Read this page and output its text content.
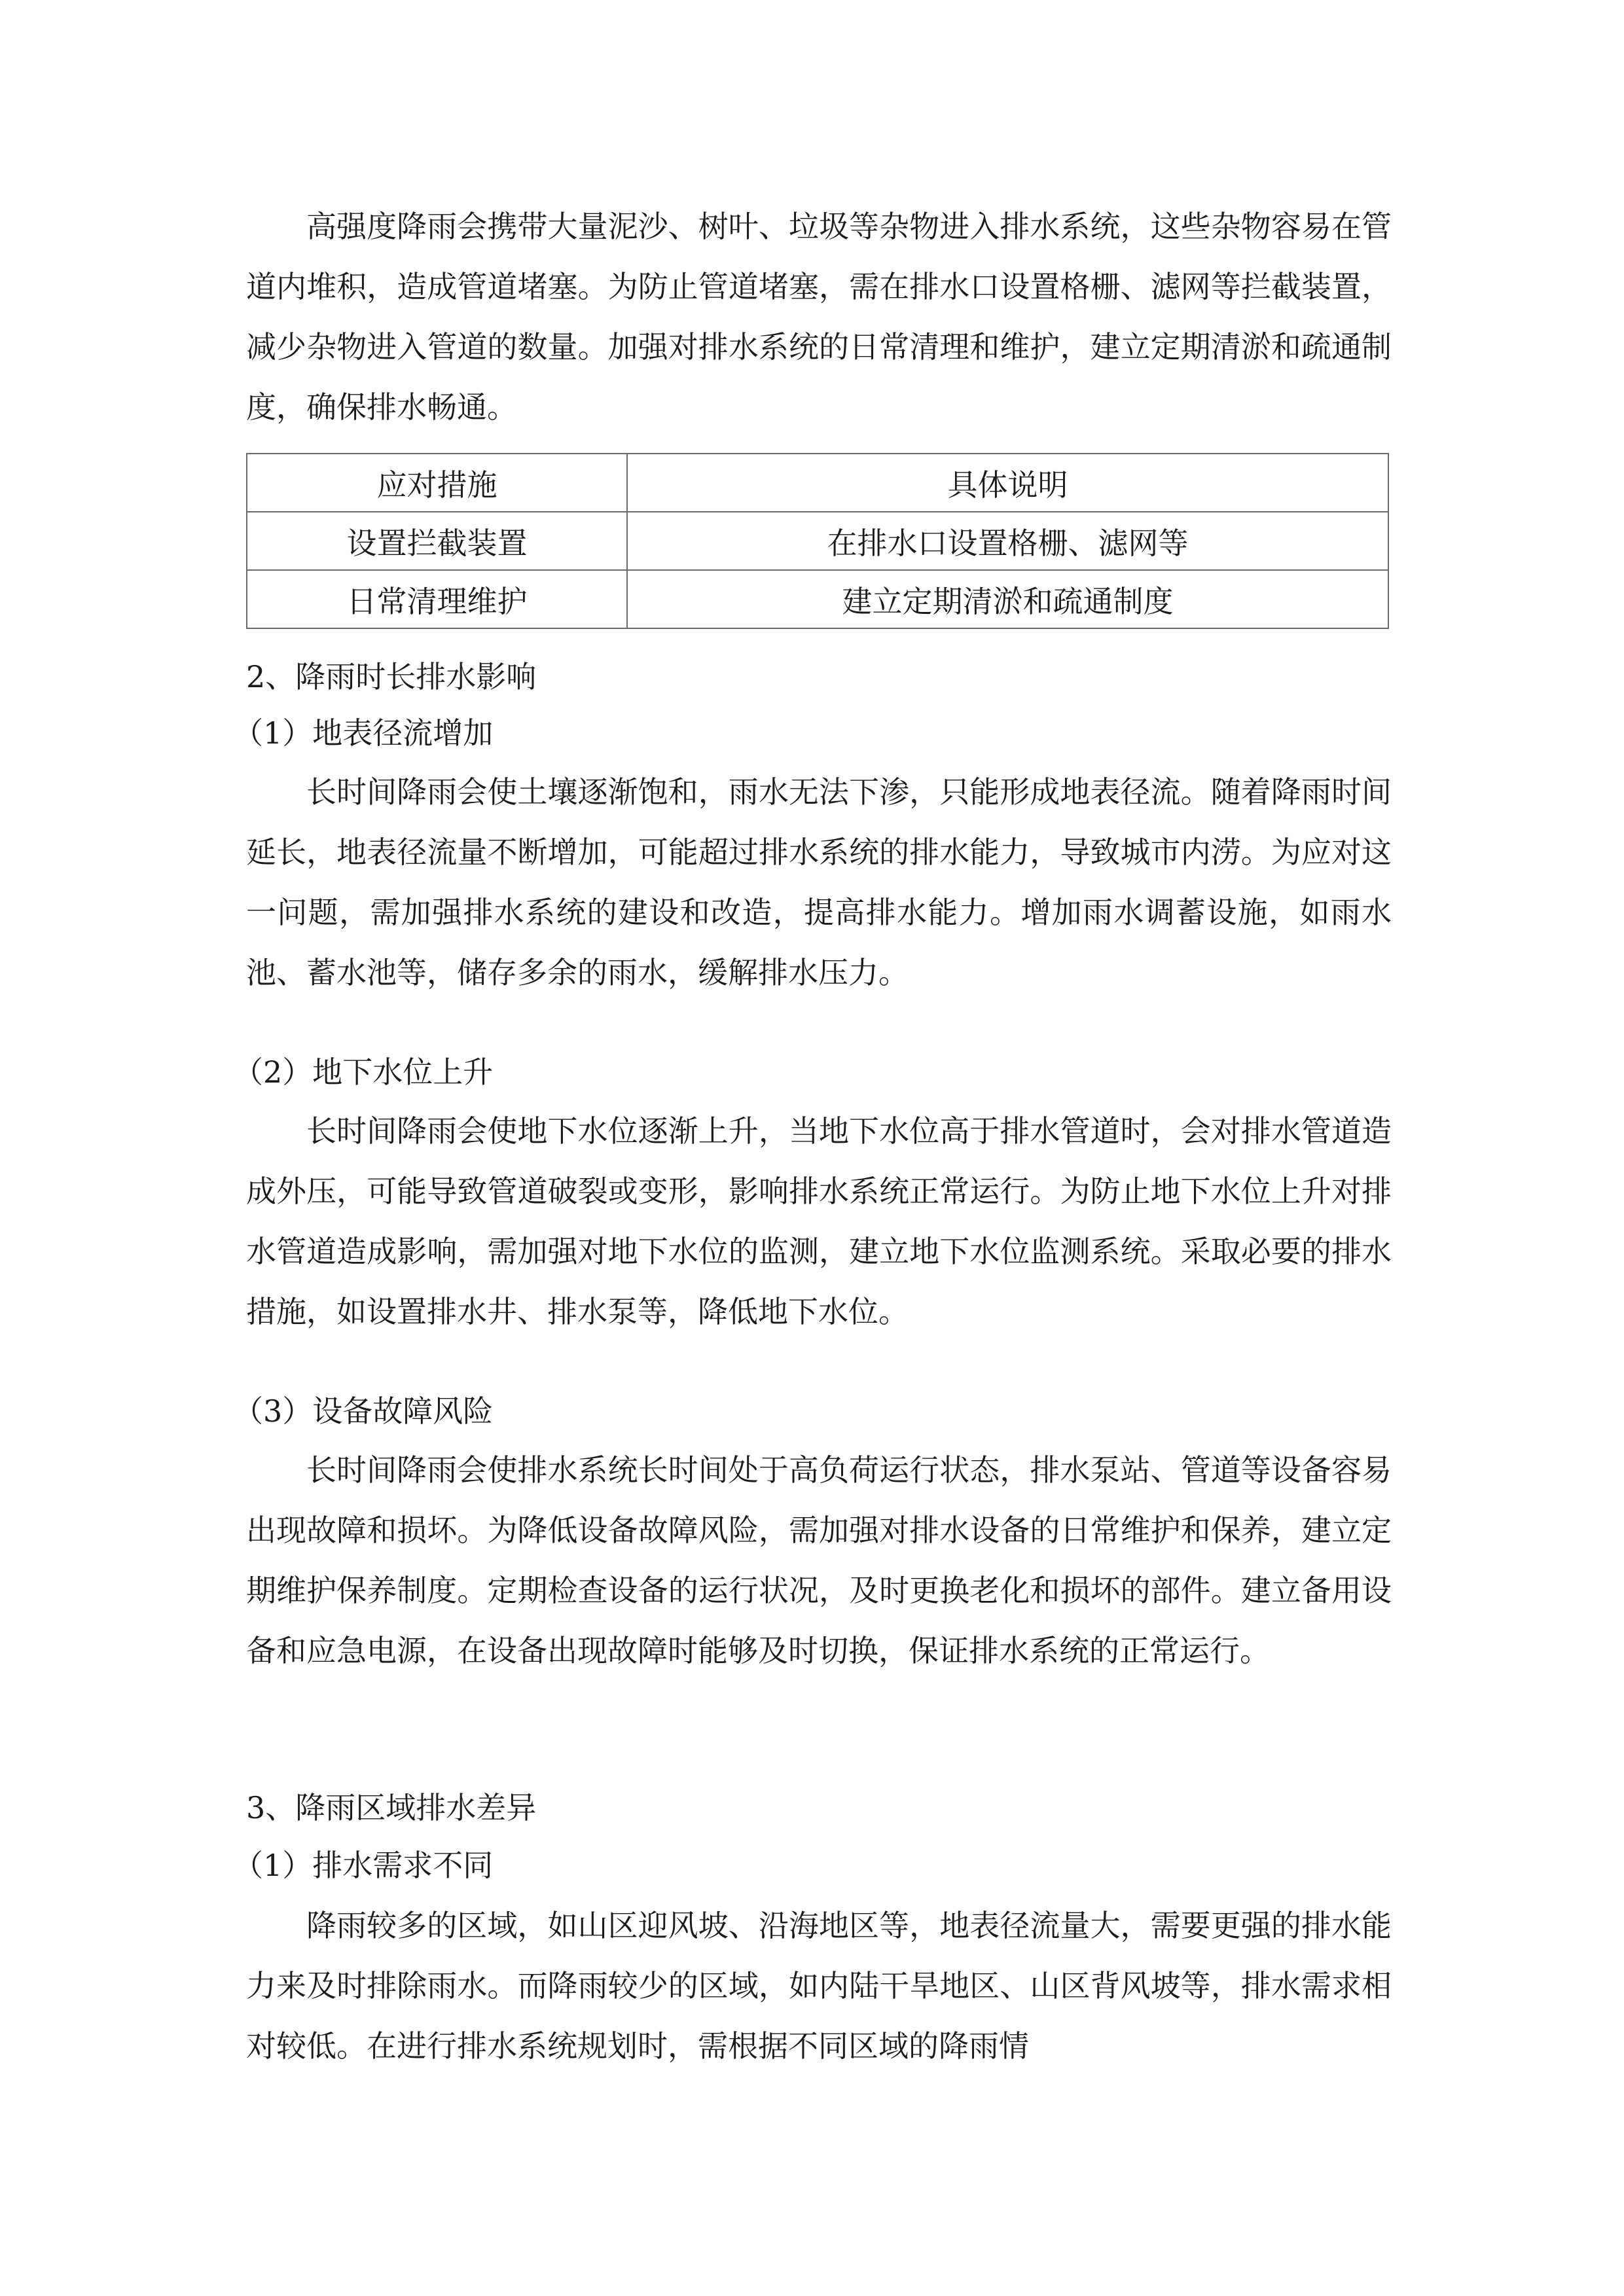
高强度降雨会携带大量泥沙、树叶、垃圾等杂物进入排水系统，这些杂物容易在管道内堆积，造成管道堵塞。为防止管道堵塞，需在排水口设置格栅、滤网等拦截装置，减少杂物进入管道的数量。加强对排水系统的日常清理和维护，建立定期清淤和疏通制度，确保排水畅通。

应对措施	具体说明
设置拦截装置	在排水口设置格栅、滤网等
日常清理维护	建立定期清淤和疏通制度
2、降雨时长排水影响
（1）地表径流增加

长时间降雨会使土壤逐渐饱和，雨水无法下渗，只能形成地表径流。随着降雨时间延长，地表径流量不断增加，可能超过排水系统的排水能力，导致城市内涝。为应对这一问题，需加强排水系统的建设和改造，提高排水能力。增加雨水调蓄设施，如雨水池、蓄水池等，储存多余的雨水，缓解排水压力。

（2）地下水位上升

长时间降雨会使地下水位逐渐上升，当地下水位高于排水管道时，会对排水管道造成外压，可能导致管道破裂或变形，影响排水系统正常运行。为防止地下水位上升对排水管道造成影响，需加强对地下水位的监测，建立地下水位监测系统。采取必要的排水措施，如设置排水井、排水泵等，降低地下水位。

（3）设备故障风险

长时间降雨会使排水系统长时间处于高负荷运行状态，排水泵站、管道等设备容易出现故障和损坏。为降低设备故障风险，需加强对排水设备的日常维护和保养，建立定期维护保养制度。定期检查设备的运行状况，及时更换老化和损坏的部件。建立备用设备和应急电源，在设备出现故障时能够及时切换，保证排水系统的正常运行。

3、降雨区域排水差异
（1）排水需求不同

降雨较多的区域，如山区迎风坡、沿海地区等，地表径流量大，需要更强的排水能力来及时排除雨水。而降雨较少的区域，如内陆干旱地区、山区背风坡等，排水需求相对较低。在进行排水系统规划时，需根据不同区域的降雨情
